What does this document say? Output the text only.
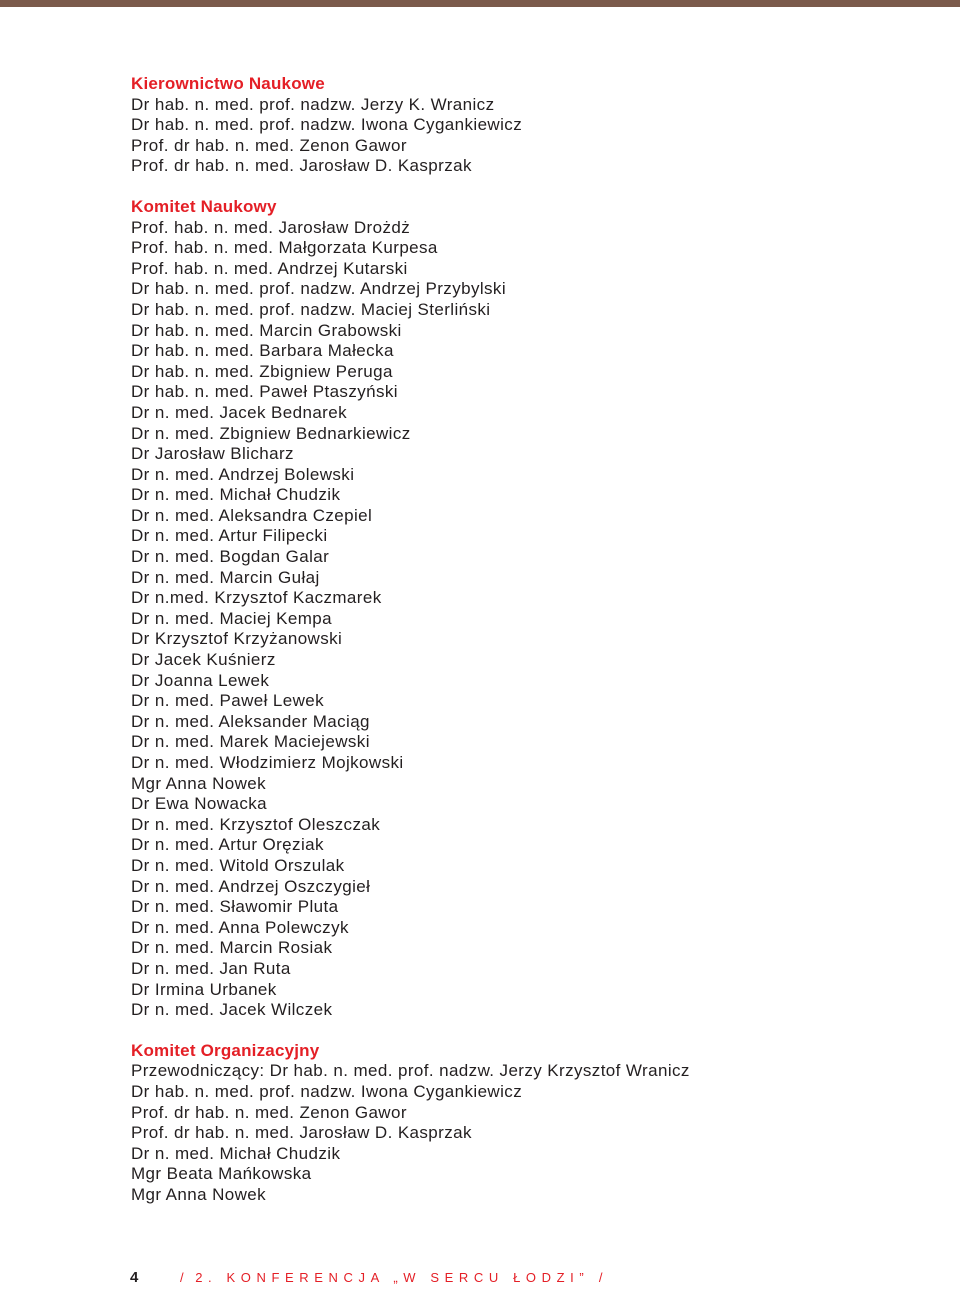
Kierownictwo Naukowe
Dr hab. n. med. prof. nadzw. Jerzy K. Wranicz
Dr hab. n. med. prof. nadzw. Iwona Cygankiewicz
Prof. dr hab. n. med. Zenon Gawor
Prof. dr hab. n. med. Jarosław D. Kasprzak
Komitet Naukowy
Prof. hab. n. med. Jarosław Drożdż
Prof. hab. n. med. Małgorzata Kurpesa
Prof. hab. n. med. Andrzej Kutarski
Dr hab. n. med. prof. nadzw. Andrzej Przybylski
Dr hab. n. med. prof. nadzw. Maciej Sterliński
Dr hab. n. med. Marcin Grabowski
Dr hab. n. med. Barbara Małecka
Dr hab. n. med. Zbigniew Peruga
Dr hab. n. med. Paweł Ptaszyński
Dr n. med. Jacek Bednarek
Dr n. med. Zbigniew Bednarkiewicz
Dr Jarosław Blicharz
Dr n. med. Andrzej Bolewski
Dr n. med. Michał Chudzik
Dr n. med. Aleksandra Czepiel
Dr n. med. Artur Filipecki
Dr n. med. Bogdan Galar
Dr n. med. Marcin Gułaj
Dr n.med. Krzysztof Kaczmarek
Dr n. med. Maciej Kempa
Dr Krzysztof Krzyżanowski
Dr Jacek Kuśnierz
Dr Joanna Lewek
Dr n. med. Paweł Lewek
Dr n. med. Aleksander Maciąg
Dr n. med. Marek Maciejewski
Dr n. med. Włodzimierz Mojkowski
Mgr Anna Nowek
Dr Ewa Nowacka
Dr n. med. Krzysztof Oleszczak
Dr n. med. Artur Oręziak
Dr n. med. Witold Orszulak
Dr n. med. Andrzej Oszczygieł
Dr n. med. Sławomir Pluta
Dr n. med. Anna Polewczyk
Dr n. med. Marcin Rosiak
Dr n. med. Jan Ruta
Dr Irmina Urbanek
Dr n. med. Jacek Wilczek
Komitet Organizacyjny
Przewodniczący: Dr hab. n. med. prof. nadzw. Jerzy Krzysztof Wranicz
Dr hab. n. med. prof. nadzw. Iwona Cygankiewicz
Prof. dr hab. n. med. Zenon Gawor
Prof. dr hab. n. med. Jarosław D. Kasprzak
Dr n. med. Michał Chudzik
Mgr Beata Mańkowska
Mgr Anna Nowek
4	/ 2. KONFERENCJA „W SERCU ŁODZI” /
